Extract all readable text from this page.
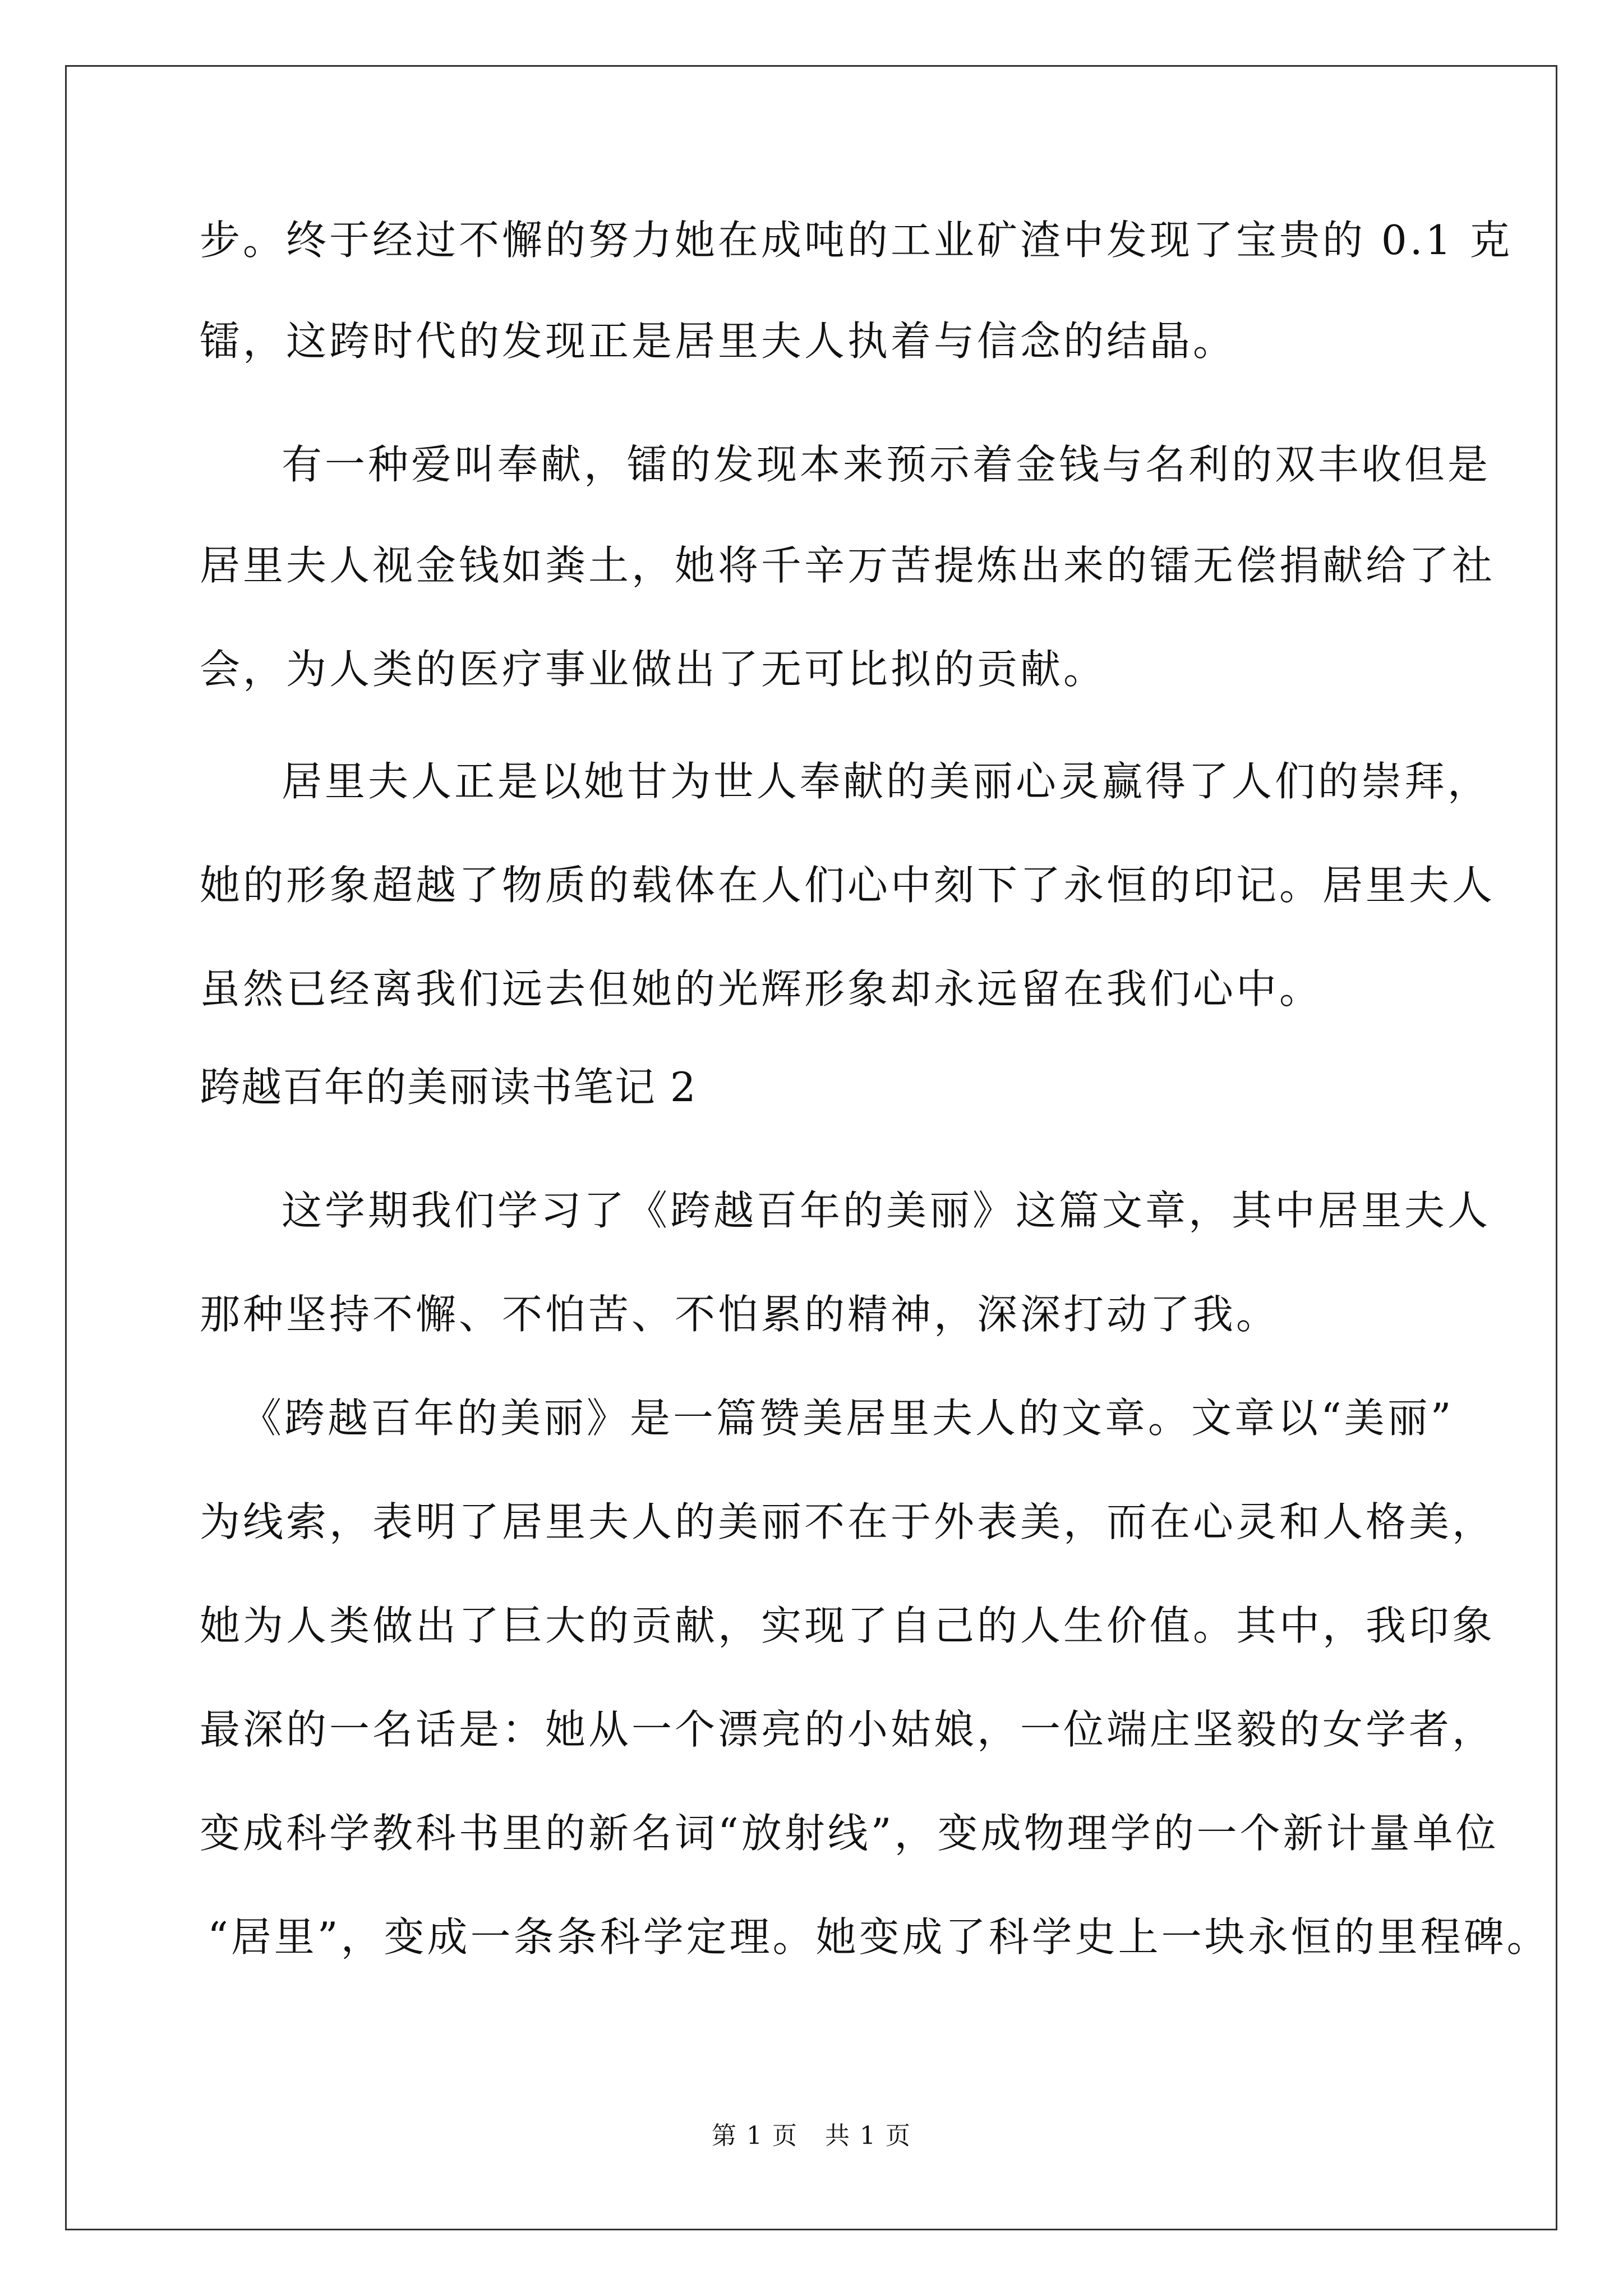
步。终于经过不懈的努力她在成吨的工业矿渣中发现了宝贵的 0.1 克
镭，这跨时代的发现正是居里夫人执着与信念的结晶。
有一种爱叫奉献，镭的发现本来预示着金钱与名利的双丰收但是
居里夫人视金钱如粪土，她将千辛万苦提炼出来的镭无偿捐献给了社
会，为人类的医疗事业做出了无可比拟的贡献。
居里夫人正是以她甘为世人奉献的美丽心灵赢得了人们的崇拜，
她的形象超越了物质的载体在人们心中刻下了永恒的印记。居里夫人
虽然已经离我们远去但她的光辉形象却永远留在我们心中。
跨越百年的美丽读书笔记 2
这学期我们学习了《跨越百年的美丽》这篇文章，其中居里夫人
那种坚持不懈、不怕苦、不怕累的精神，深深打动了我。
《跨越百年的美丽》是一篇赞美居里夫人的文章。文章以“美丽”
为线索，表明了居里夫人的美丽不在于外表美，而在心灵和人格美，
她为人类做出了巨大的贡献，实现了自己的人生价值。其中，我印象
最深的一名话是：她从一个漂亮的小姑娘，一位端庄坚毅的女学者，
变成科学教科书里的新名词“放射线”，变成物理学的一个新计量单位
“居里”，变成一条条科学定理。她变成了科学史上一块永恒的里程碑。
第 1 页   共 1 页
